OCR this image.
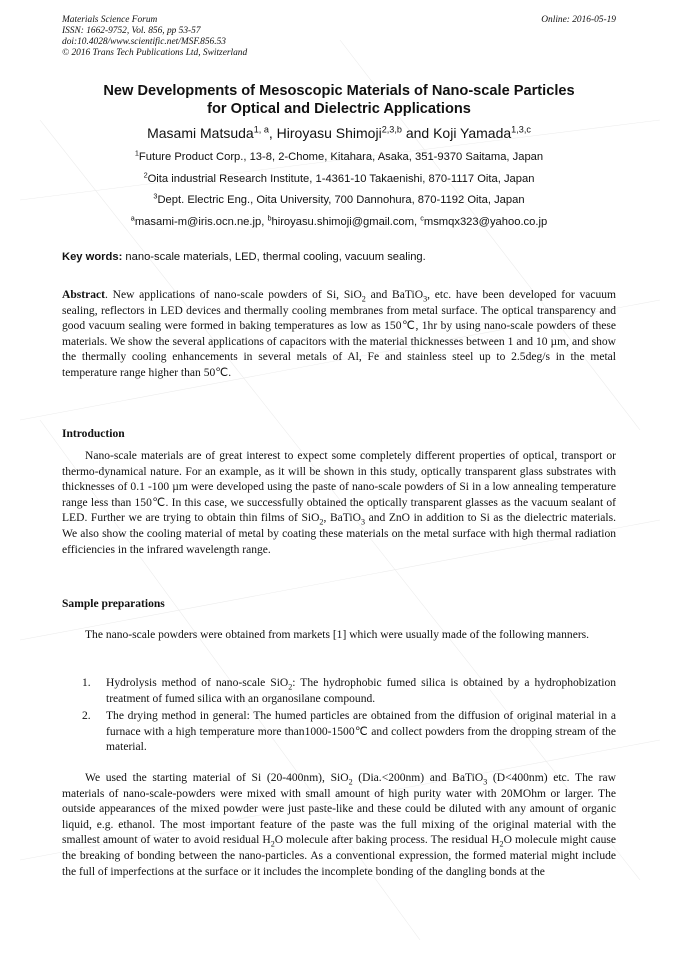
Materials Science Forum
ISSN: 1662-9752, Vol. 856, pp 53-57
doi:10.4028/www.scientific.net/MSF.856.53
© 2016 Trans Tech Publications Ltd, Switzerland
Online: 2016-05-19
New Developments of Mesoscopic Materials of Nano-scale Particles
for Optical and Dielectric Applications
Masami Matsuda$^{1, a}$, Hiroyasu Shimoji$^{2,3,b}$ and Koji Yamada$^{1,3,c}$
$^1$Future Product Corp., 13-8, 2-Chome, Kitahara, Asaka, 351-9370 Saitama, Japan
$^2$Oita industrial Research Institute, 1-4361-10 Takaenishi, 870-1117 Oita, Japan
$^3$Dept. Electric Eng., Oita University, 700 Dannohura, 870-1192 Oita, Japan
$^a$masami-m@iris.ocn.ne.jp, $^b$hiroyasu.shimoji@gmail.com, $^c$msmqx323@yahoo.co.jp
Key words: nano-scale materials, LED, thermal cooling, vacuum sealing.
Abstract. New applications of nano-scale powders of Si, SiO$_2$ and BaTiO$_3$, etc. have been developed for vacuum sealing, reflectors in LED devices and thermally cooling membranes from metal surface. The optical transparency and good vacuum sealing were formed in baking temperatures as low as 150℃, 1hr by using nano-scale powders of these materials. We show the several applications of capacitors with the material thicknesses between 1 and 10 µm, and show the thermally cooling enhancements in several metals of Al, Fe and stainless steel up to 2.5deg/s in the metal temperature range higher than 50℃.
Introduction
Nano-scale materials are of great interest to expect some completely different properties of optical, transport or thermo-dynamical nature. For an example, as it will be shown in this study, optically transparent glass substrates with thicknesses of 0.1 -100 µm were developed using the paste of nano-scale powders of Si in a low annealing temperature range less than 150℃. In this case, we successfully obtained the optically transparent glasses as the vacuum sealant of LED. Further we are trying to obtain thin films of SiO$_2$, BaTiO$_3$ and ZnO in addition to Si as the dielectric materials. We also show the cooling material of metal by coating these materials on the metal surface with high thermal radiation efficiencies in the infrared wavelength range.
Sample preparations
The nano-scale powders were obtained from markets [1] which were usually made of the following manners.
1. Hydrolysis method of nano-scale SiO$_2$: The hydrophobic fumed silica is obtained by a hydrophobization treatment of fumed silica with an organosilane compound.
2. The drying method in general: The humed particles are obtained from the diffusion of original material in a furnace with a high temperature more than1000-1500℃ and collect powders from the dropping stream of the material.
We used the starting material of Si (20-400nm), SiO$_2$ (Dia.<200nm) and BaTiO$_3$ (D<400nm) etc. The raw materials of nano-scale-powders were mixed with small amount of high purity water with 20MOhm or larger. The outside appearances of the mixed powder were just paste-like and these could be diluted with any amount of organic liquid, e.g. ethanol. The most important feature of the paste was the full mixing of the original material with the smallest amount of water to avoid residual $H_2O$ molecule after baking process. The residual $H_2O$ molecule might cause the breaking of bonding between the nano-particles. As a conventional expression, the formed material might include the full of imperfections at the surface or it includes the incomplete bonding of the dangling bonds at the
